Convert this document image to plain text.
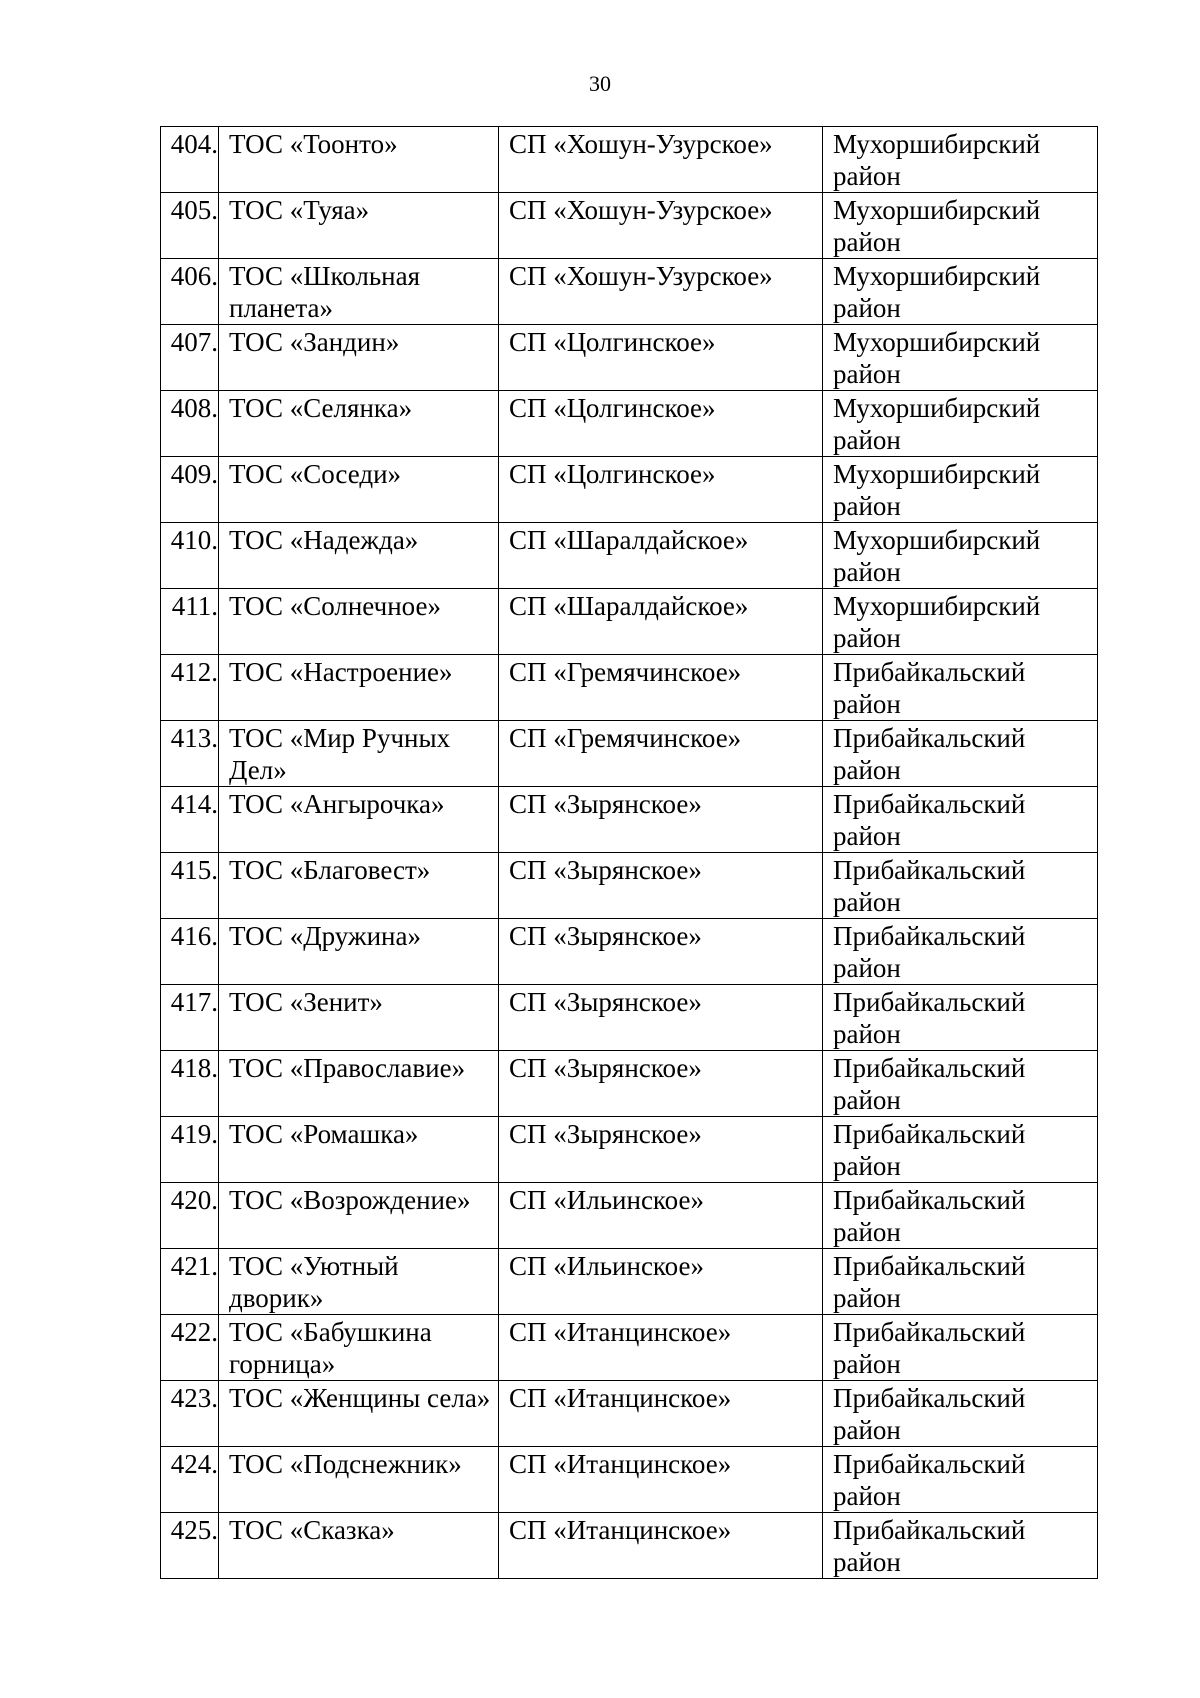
30
404.	ТОС «Тоонто»	СП «Хошун-Узурское»	Мухоршибирский район
405.	ТОС «Туяа»	СП «Хошун-Узурское»	Мухоршибирский район
406.	ТОС «Школьная планета»	СП «Хошун-Узурское»	Мухоршибирский район
407.	ТОС «Зандин»	СП «Цолгинское»	Мухоршибирский район
408.	ТОС «Селянка»	СП «Цолгинское»	Мухоршибирский район
409.	ТОС «Соседи»	СП «Цолгинское»	Мухоршибирский район
410.	ТОС «Надежда»	СП «Шаралдайское»	Мухоршибирский район
411.	ТОС «Солнечное»	СП «Шаралдайское»	Мухоршибирский район
412.	ТОС «Настроение»	СП «Гремячинское»	Прибайкальский район
413.	ТОС «Мир Ручных Дел»	СП «Гремячинское»	Прибайкальский район
414.	ТОС «Ангырочка»	СП «Зырянское»	Прибайкальский район
415.	ТОС «Благовест»	СП «Зырянское»	Прибайкальский район
416.	ТОС «Дружина»	СП «Зырянское»	Прибайкальский район
417.	ТОС «Зенит»	СП «Зырянское»	Прибайкальский район
418.	ТОС «Православие»	СП «Зырянское»	Прибайкальский район
419.	ТОС «Ромашка»	СП «Зырянское»	Прибайкальский район
420.	ТОС «Возрождение»	СП «Ильинское»	Прибайкальский район
421.	ТОС «Уютный дворик»	СП «Ильинское»	Прибайкальский район
422.	ТОС «Бабушкина горница»	СП «Итанцинское»	Прибайкальский район
423.	ТОС «Женщины села»	СП «Итанцинское»	Прибайкальский район
424.	ТОС «Подснежник»	СП «Итанцинское»	Прибайкальский район
425.	ТОС «Сказка»	СП «Итанцинское»	Прибайкальский район
